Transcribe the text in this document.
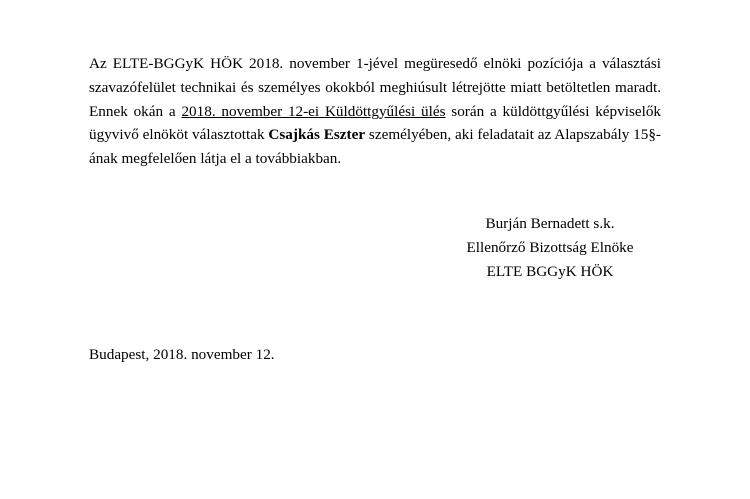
Az ELTE-BGGyK HÖK 2018. november 1-jével megüresedő elnöki pozíciója a választási szavazófelület technikai és személyes okokból meghiúsult létrejötte miatt betöltetlen maradt. Ennek okán a 2018. november 12-ei Küldöttgyűlési ülés során a küldöttgyűlési képviselők ügyvivő elnököt választottak Csajkás Eszter személyében, aki feladatait az Alapszabály 15§-ának megfelelően látja el a továbbiakban.

Burján Bernadett s.k.
Ellenőrző Bizottság Elnöke
ELTE BGGyK HÖK
Budapest, 2018. november 12.
